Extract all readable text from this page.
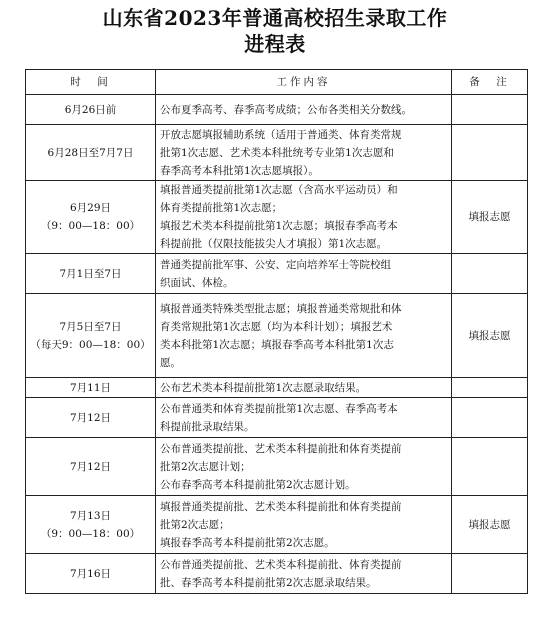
山东省2023年普通高校招生录取工作
进程表
时　间	工作内容	备　注

6月26日前	公布夏季高考、春季高考成绩；公布各类相关分数线。	

6月28日至7月7日	开放志愿填报辅助系统（适用于普通类、体育类常规
批第1次志愿、艺术类本科批统考专业第1次志愿和
春季高考本科批第1次志愿填报）。	

6月29日
（9：00—18：00）	填报普通类提前批第1次志愿（含高水平运动员）和
体育类提前批第1次志愿；
填报艺术类本科提前批第1次志愿；填报春季高考本
科提前批（仅限技能拔尖人才填报）第1次志愿。	填报志愿

7月1日至7日	普通类提前批军事、公安、定向培养军士等院校组
织面试、体检。	

7月5日至7日
（每天9：00—18：00）	填报普通类特殊类型批志愿；填报普通类常规批和体
育类常规批第1次志愿（均为本科计划）；填报艺术
类本科批第1次志愿；填报春季高考本科批第1次志
愿。	填报志愿

7月11日	公布艺术类本科提前批第1次志愿录取结果。	

7月12日	公布普通类和体育类提前批第1次志愿、春季高考本
科提前批录取结果。	

7月12日	公布普通类提前批、艺术类本科提前批和体育类提前
批第2次志愿计划；
公布春季高考本科提前批第2次志愿计划。	

7月13日
（9：00—18：00）	填报普通类提前批、艺术类本科提前批和体育类提前
批第2次志愿；
填报春季高考本科提前批第2次志愿。	填报志愿

7月16日	公布普通类提前批、艺术类本科提前批、体育类提前
批、春季高考本科提前批第2次志愿录取结果。	
